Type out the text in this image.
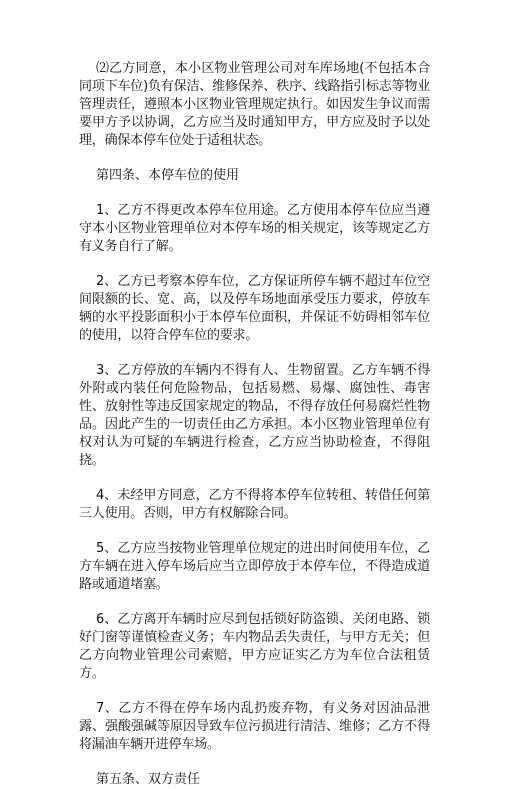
⑵乙方同意，本小区物业管理公司对车库场地(不包括本合同项下车位)负有保洁、维修保养、秩序、线路指引标志等物业管理责任，遵照本小区物业管理规定执行。如因发生争议而需要甲方予以协调，乙方应当及时通知甲方，甲方应及时予以处理，确保本停车位处于适租状态。

第四条、本停车位的使用

1、乙方不得更改本停车位用途。乙方使用本停车位应当遵守本小区物业管理单位对本停车场的相关规定，该等规定乙方有义务自行了解。

2、乙方已考察本停车位，乙方保证所停车辆不超过车位空间限额的长、宽、高，以及停车场地面承受压力要求，停放车辆的水平投影面积小于本停车位面积，并保证不妨碍相邻车位的使用，以符合停车位的要求。

3、乙方停放的车辆内不得有人、生物留置。乙方车辆不得外附或内装任何危险物品，包括易燃、易爆、腐蚀性、毒害性、放射性等违反国家规定的物品，不得存放任何易腐烂性物品。因此产生的一切责任由乙方承担。本小区物业管理单位有权对认为可疑的车辆进行检查，乙方应当协助检查，不得阻挠。

4、未经甲方同意，乙方不得将本停车位转租、转借任何第三人使用。否则，甲方有权解除合同。

5、乙方应当按物业管理单位规定的进出时间使用车位，乙方车辆在进入停车场后应当立即停放于本停车位，不得造成道路或通道堵塞。

6、乙方离开车辆时应尽到包括锁好防盗锁、关闭电路、锁好门窗等谨慎检查义务；车内物品丢失责任，与甲方无关；但乙方向物业管理公司索赔，甲方应证实乙方为车位合法租赁方。

7、乙方不得在停车场内乱扔废弃物，有义务对因油品泄露、强酸强碱等原因导致车位污损进行清洁、维修；乙方不得将漏油车辆开进停车场。

第五条、双方责任
